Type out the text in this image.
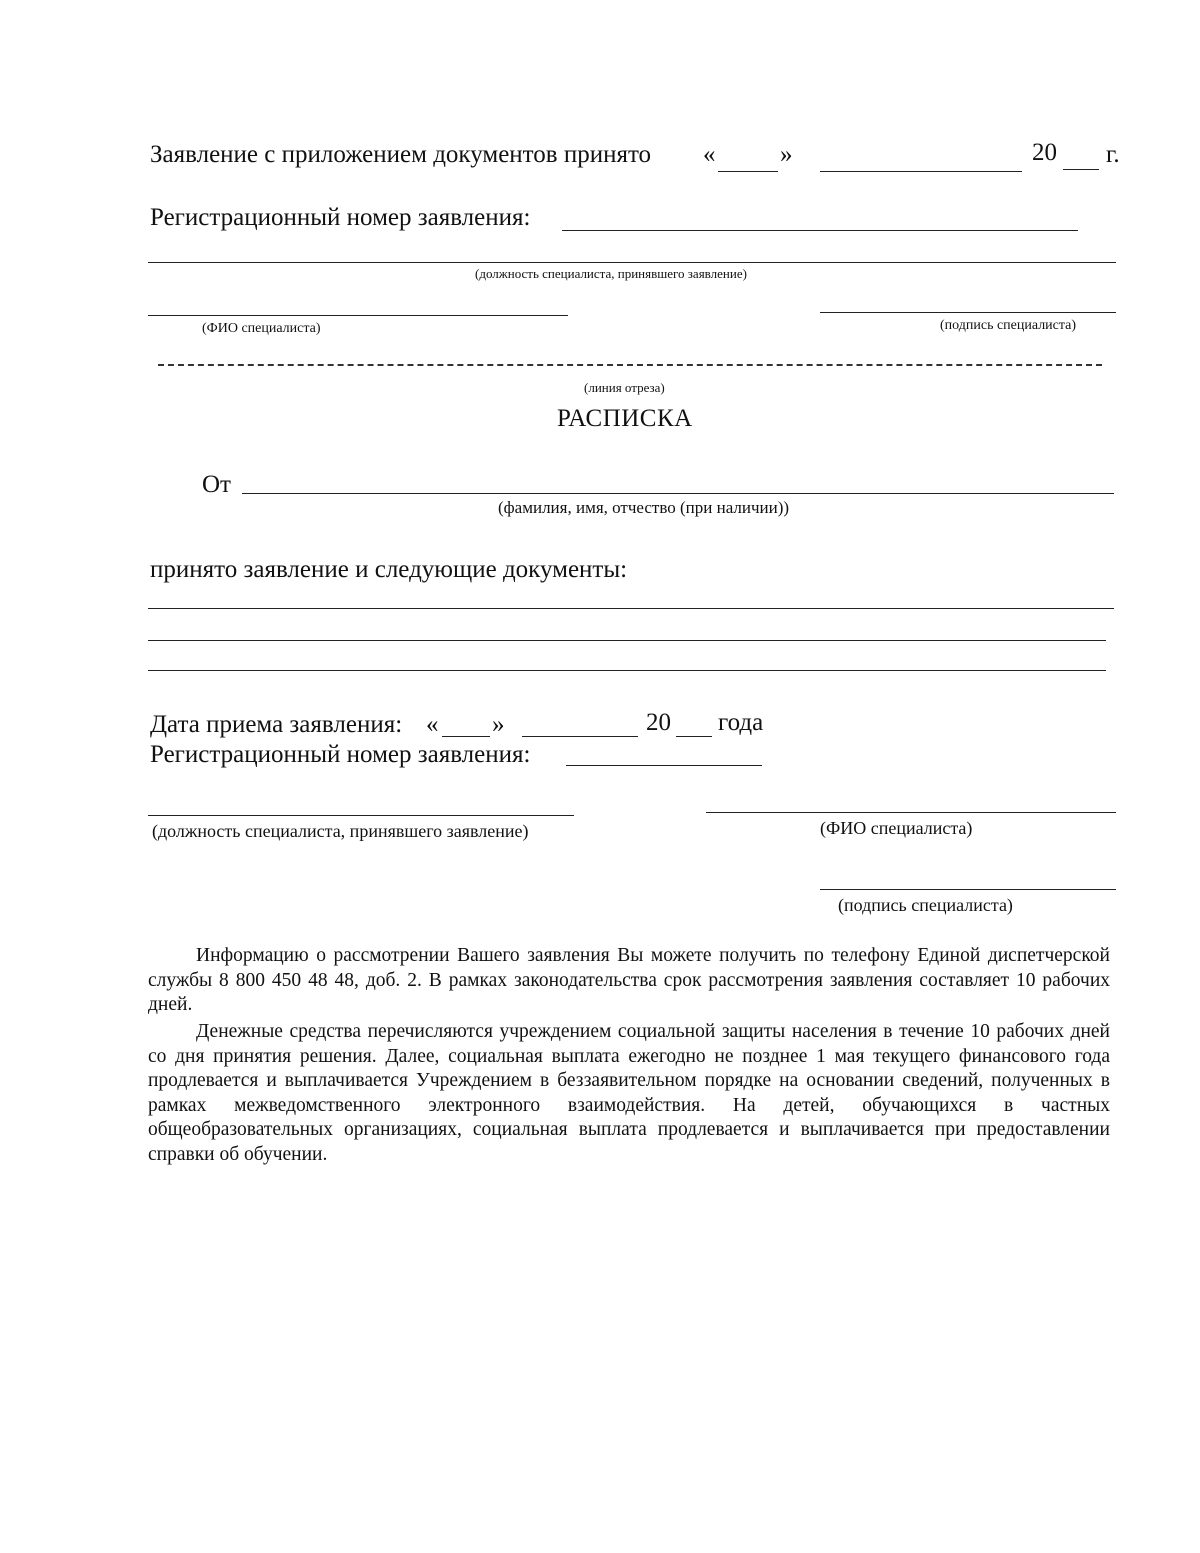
Заявление с приложением документов принято «	»	20 г.
Регистрационный номер заявления:
(должность специалиста, принявшего заявление)
(ФИО специалиста)	(подпись специалиста)
(линия отреза)
РАСПИСКА
От
(фамилия, имя, отчество (при наличии))
принято заявление и следующие документы:
Дата приема заявления: « »	20 года
Регистрационный номер заявления:
(должность специалиста, принявшего заявление)	(ФИО специалиста)
(подпись специалиста)

Информацию о рассмотрении Вашего заявления Вы можете получить по телефону Единой диспетчерской службы 8 800 450 48 48, доб. 2. В рамках законодательства срок рассмотрения заявления составляет 10 рабочих дней.

Денежные средства перечисляются учреждением социальной защиты населения в течение 10 рабочих дней со дня принятия решения. Далее, социальная выплата ежегодно не позднее 1 мая текущего финансового года продлевается и выплачивается Учреждением в беззаявительном порядке на основании сведений, полученных в рамках межведомственного электронного взаимодействия. На детей, обучающихся в частных общеобразовательных организациях, социальная выплата продлевается и выплачивается при предоставлении справки об обучении.
